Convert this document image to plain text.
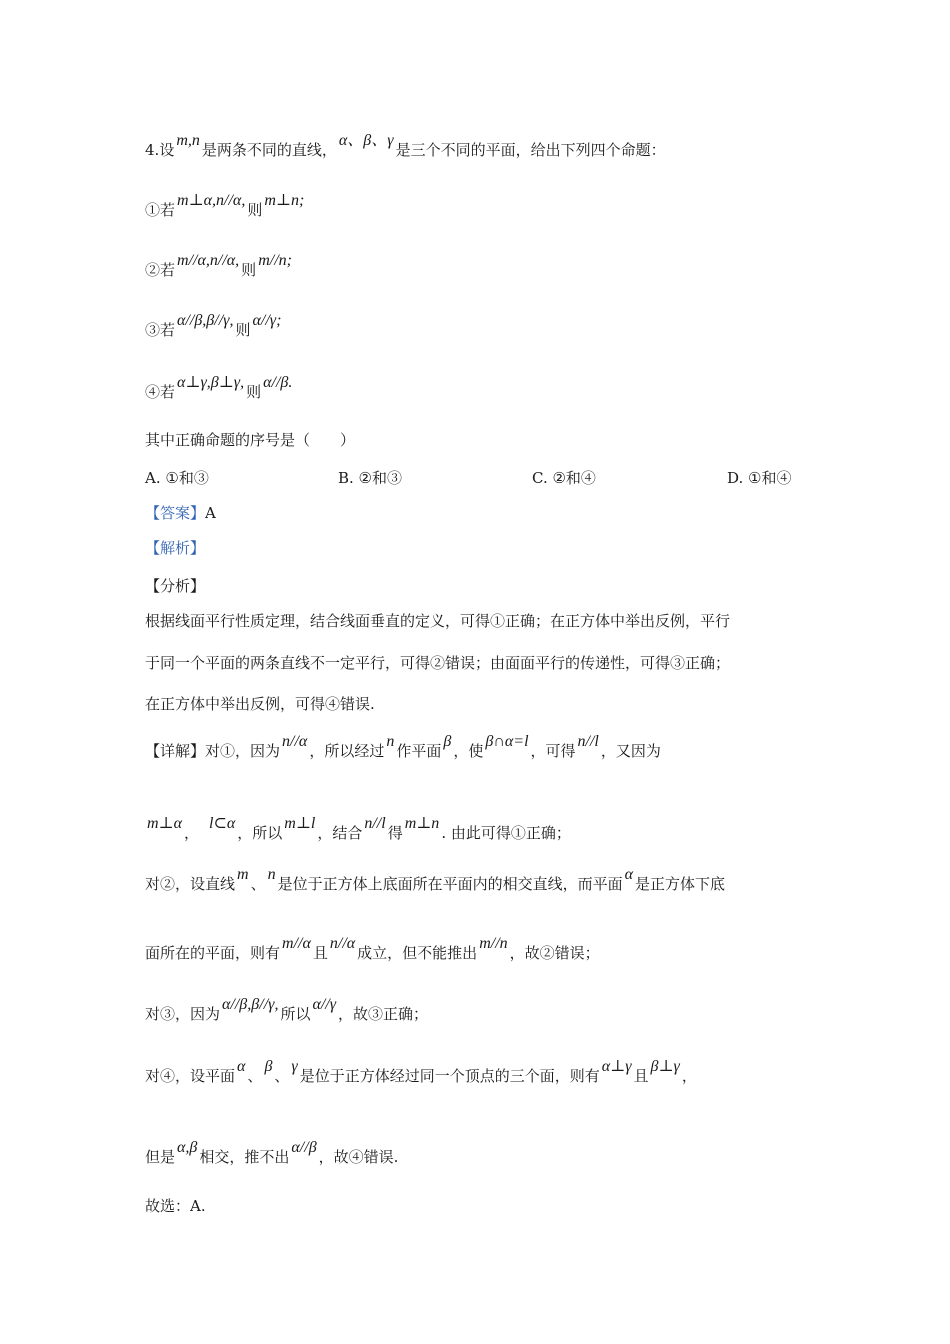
4.设m,n是两条不同的直线，α、β、γ是三个不同的平面，给出下列四个命题：
①若m⊥α,n//α,则m⊥n;
②若m//α,n//α,则m//n;
③若α//β,β//γ,则α//γ;
④若α⊥γ,β⊥γ,则α//β.
其中正确命题的序号是（　　）
A. ①和③	B. ②和③	C. ②和④	D. ①和④
【答案】A
【解析】
【分析】
根据线面平行性质定理，结合线面垂直的定义，可得①正确；在正方体中举出反例，平行
于同一个平面的两条直线不一定平行，可得②错误；由面面平行的传递性，可得③正确；
在正方体中举出反例，可得④错误.
【详解】对①，因为n//α，所以经过n作平面β，使β∩α=l，可得n//l，又因为
m⊥α，l⊂α，所以m⊥l，结合n//l得m⊥n. 由此可得①正确；
对②，设直线m、n是位于正方体上底面所在平面内的相交直线，而平面α是正方体下底
面所在的平面，则有m//α且n//α成立，但不能推出m//n，故②错误；
对③，因为α//β,β//γ,所以α//γ，故③正确；
对④，设平面α、β、γ是位于正方体经过同一个顶点的三个面，则有α⊥γ且β⊥γ，
但是α,β相交，推不出α//β，故④错误.
故选：A.
